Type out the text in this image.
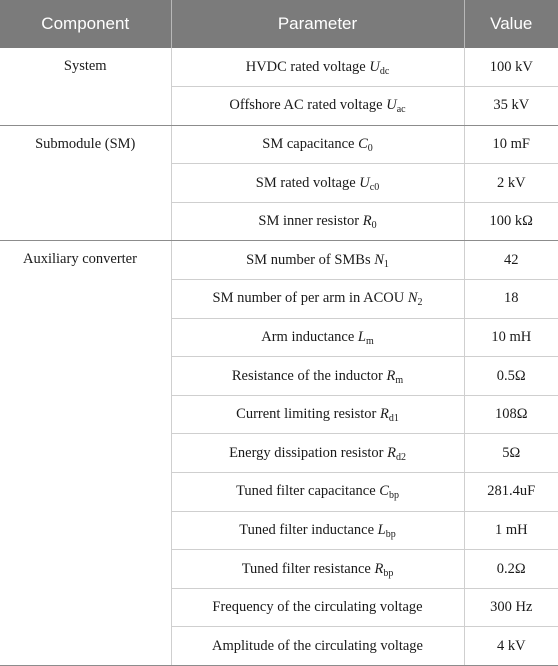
Component	Parameter	Value

System	HVDC rated voltage $U_{dc}$	100 kV
	Offshore AC rated voltage $U_{ac}$	35 kV

Submodule (SM)	SM capacitance $C_0$	10 mF
	SM rated voltage $U_{c0}$	2 kV
	SM inner resistor $R_0$	100 kΩ

Auxiliary converter	SM number of SMBs $N_1$	42
	SM number of per arm in ACOU $N_2$	18
	Arm inductance $L_m$	10 mH
	Resistance of the inductor $R_m$	0.5Ω
	Current limiting resistor $R_{d1}$	108Ω
	Energy dissipation resistor $R_{d2}$	5Ω
	Tuned filter capacitance $C_{bp}$	281.4uF
	Tuned filter inductance $L_{bp}$	1 mH
	Tuned filter resistance $R_{bp}$	0.2Ω
	Frequency of the circulating voltage	300 Hz
	Amplitude of the circulating voltage	4 kV
